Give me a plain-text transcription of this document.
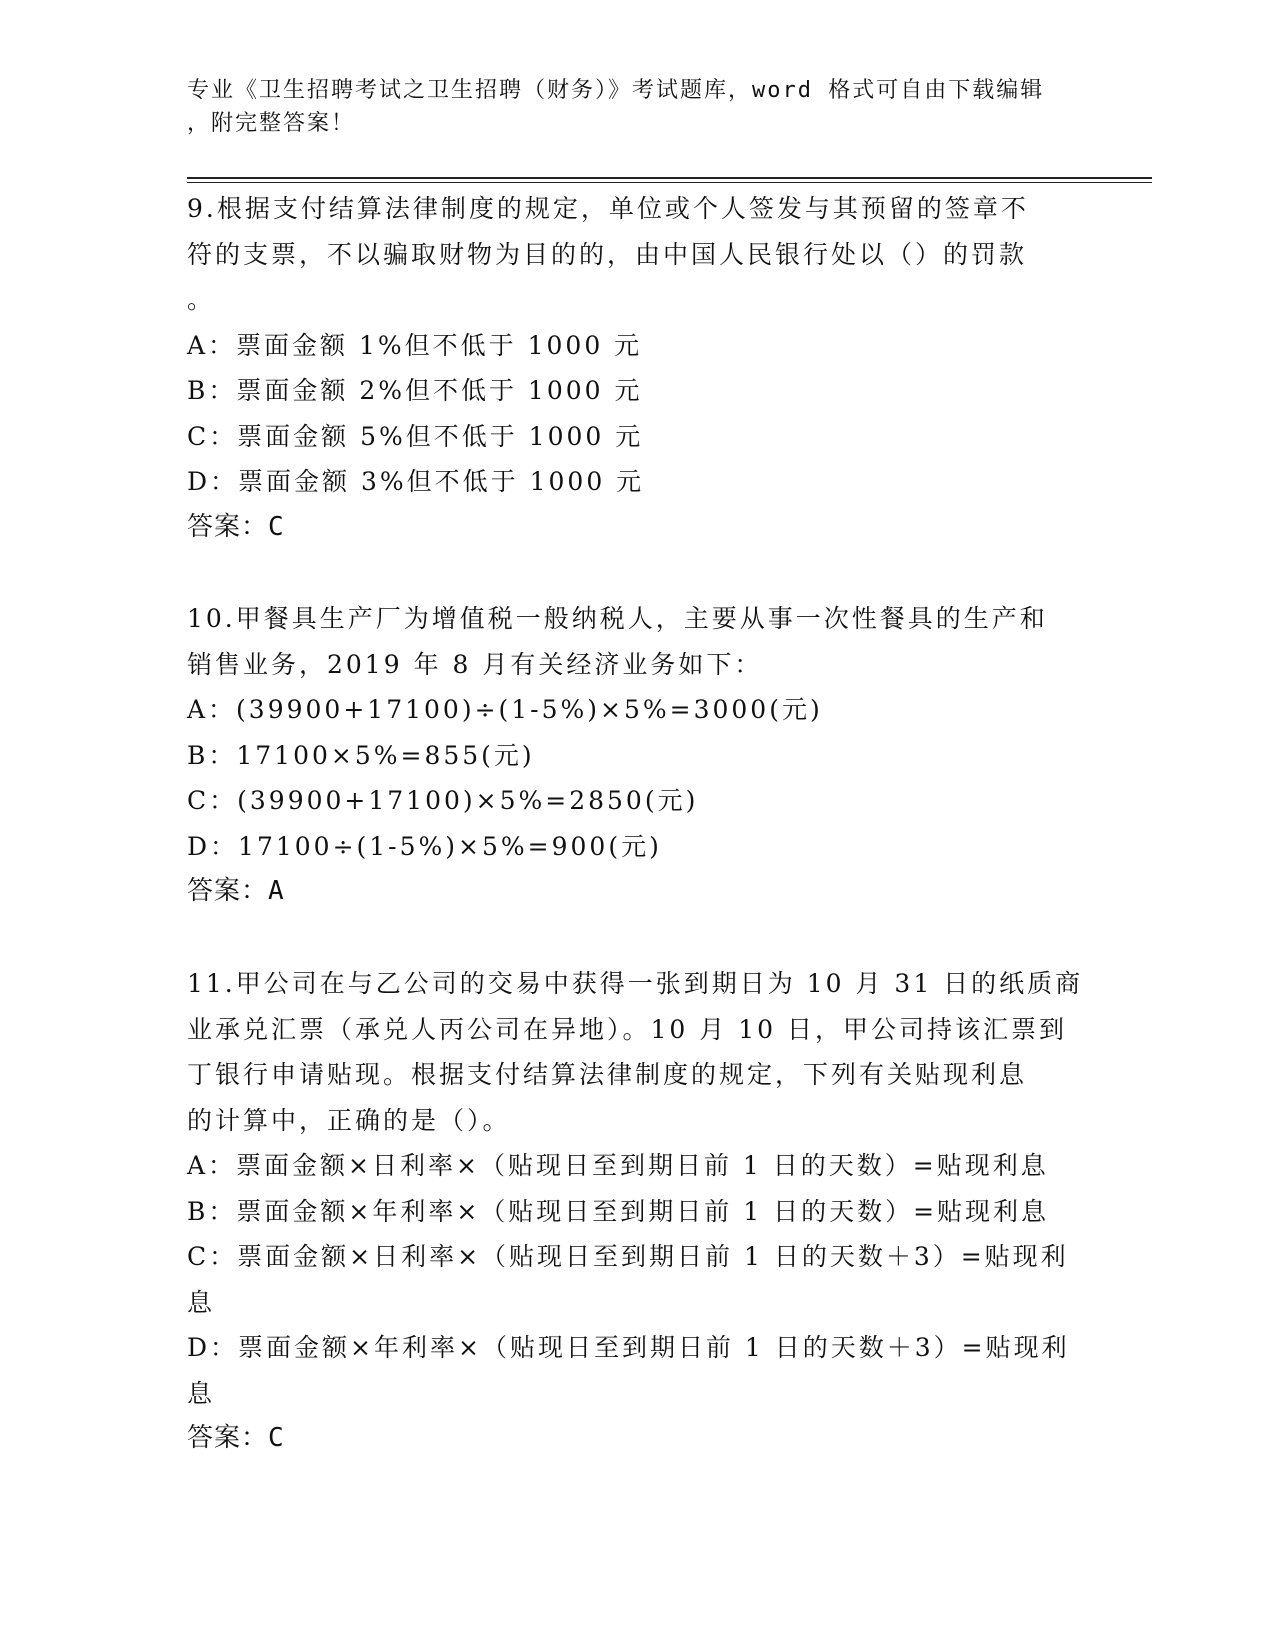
专业《卫生招聘考试之卫生招聘（财务）》考试题库，word 格式可自由下载编辑
，附完整答案！
9.根据支付结算法律制度的规定，单位或个人签发与其预留的签章不
符的支票，不以骗取财物为目的的，由中国人民银行处以（）的罚款
。
A：票面金额 1%但不低于 1000 元
B：票面金额 2%但不低于 1000 元
C：票面金额 5%但不低于 1000 元
D：票面金额 3%但不低于 1000 元
答案：C
10.甲餐具生产厂为增值税一般纳税人，主要从事一次性餐具的生产和
销售业务，2019 年 8 月有关经济业务如下：
A：(39900+17100)÷(1-5%)×5%=3000(元)
B：17100×5%=855(元)
C：(39900+17100)×5%=2850(元)
D：17100÷(1-5%)×5%=900(元)
答案：A
11.甲公司在与乙公司的交易中获得一张到期日为 10 月 31 日的纸质商
业承兑汇票（承兑人丙公司在异地）。10 月 10 日，甲公司持该汇票到
丁银行申请贴现。根据支付结算法律制度的规定，下列有关贴现利息
的计算中，正确的是（）。
A：票面金额×日利率×（贴现日至到期日前 1 日的天数）=贴现利息
B：票面金额×年利率×（贴现日至到期日前 1 日的天数）=贴现利息
C：票面金额×日利率×（贴现日至到期日前 1 日的天数＋3）=贴现利
息
D：票面金额×年利率×（贴现日至到期日前 1 日的天数＋3）=贴现利
息
答案：C
